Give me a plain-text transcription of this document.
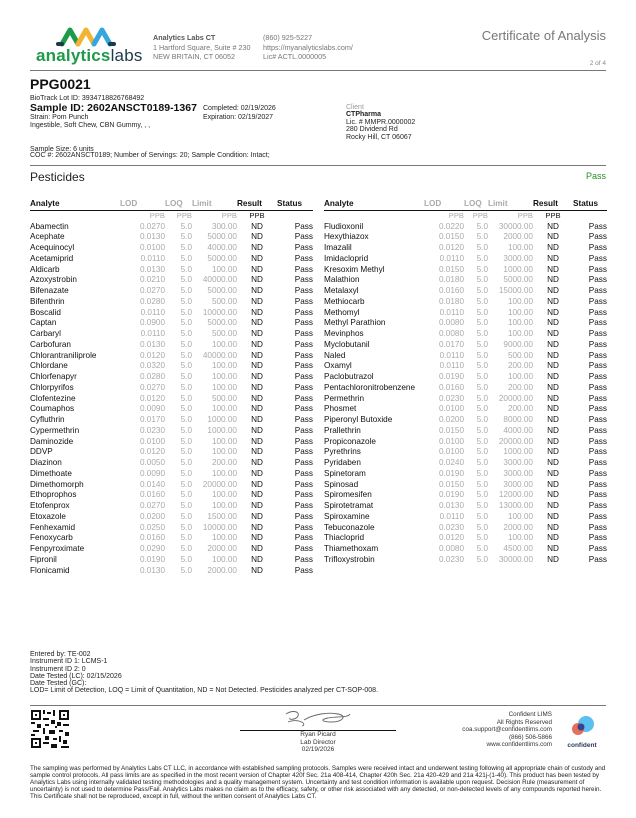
analyticslabs
Analytics Labs CT
1 Hartford Square, Suite # 230
NEW BRITAIN, CT 06052
(860) 925-5227
https://myanalyticslabs.com/
Lic# ACTL.0000005
Certificate of Analysis
2 of 4
PPG0021
BioTrack Lot ID: 3934718826768492
Sample ID: 2602ANSCT0189-1367
Strain: Pom Punch
Ingestible, Soft Chew, CBN Gummy, , ,
Completed: 02/19/2026
Expiration: 02/19/2027
Sample Size: 6 units
COC #: 2602ANSCT0189; Number of Servings: 20; Sample Condition: Intact;
Client
CTPharma
Lic. # MMPR.0000002
280 Dividend Rd
Rocky Hill, CT 06067
Pesticides	Pass
Analyte	LOD	LOQ	Limit	Result	Status
	PPB	PPB	PPB	PPB	
Abamectin	0.0270	5.0	300.00	ND	Pass
Acephate	0.0130	5.0	5000.00	ND	Pass
Acequinocyl	0.0100	5.0	4000.00	ND	Pass
Acetamiprid	0.0110	5.0	5000.00	ND	Pass
Aldicarb	0.0130	5.0	100.00	ND	Pass
Azoxystrobin	0.0210	5.0	40000.00	ND	Pass
Bifenazate	0.0270	5.0	5000.00	ND	Pass
Bifenthrin	0.0280	5.0	500.00	ND	Pass
Boscalid	0.0110	5.0	10000.00	ND	Pass
Captan	0.0900	5.0	5000.00	ND	Pass
Carbaryl	0.0110	5.0	500.00	ND	Pass
Carbofuran	0.0130	5.0	100.00	ND	Pass
Chlorantraniliprole	0.0120	5.0	40000.00	ND	Pass
Chlordane	0.0320	5.0	100.00	ND	Pass
Chlorfenapyr	0.0280	5.0	100.00	ND	Pass
Chlorpyrifos	0.0270	5.0	100.00	ND	Pass
Clofentezine	0.0120	5.0	500.00	ND	Pass
Coumaphos	0.0090	5.0	100.00	ND	Pass
Cyfluthrin	0.0170	5.0	1000.00	ND	Pass
Cypermethrin	0.0230	5.0	1000.00	ND	Pass
Daminozide	0.0100	5.0	100.00	ND	Pass
DDVP	0.0120	5.0	100.00	ND	Pass
Diazinon	0.0050	5.0	200.00	ND	Pass
Dimethoate	0.0090	5.0	100.00	ND	Pass
Dimethomorph	0.0140	5.0	20000.00	ND	Pass
Ethoprophos	0.0160	5.0	100.00	ND	Pass
Etofenprox	0.0270	5.0	100.00	ND	Pass
Etoxazole	0.0200	5.0	1500.00	ND	Pass
Fenhexamid	0.0250	5.0	10000.00	ND	Pass
Fenoxycarb	0.0160	5.0	100.00	ND	Pass
Fenpyroximate	0.0290	5.0	2000.00	ND	Pass
Fipronil	0.0190	5.0	100.00	ND	Pass
Flonicamid	0.0130	5.0	2000.00	ND	Pass
Analyte	LOD	LOQ	Limit	Result	Status
	PPB	PPB	PPB	PPB	
Fludioxonil	0.0220	5.0	30000.00	ND	Pass
Hexythiazox	0.0150	5.0	2000.00	ND	Pass
Imazalil	0.0120	5.0	100.00	ND	Pass
Imidacloprid	0.0110	5.0	3000.00	ND	Pass
Kresoxim Methyl	0.0150	5.0	1000.00	ND	Pass
Malathion	0.0180	5.0	5000.00	ND	Pass
Metalaxyl	0.0160	5.0	15000.00	ND	Pass
Methiocarb	0.0180	5.0	100.00	ND	Pass
Methomyl	0.0110	5.0	100.00	ND	Pass
Methyl Parathion	0.0080	5.0	100.00	ND	Pass
Mevinphos	0.0080	5.0	100.00	ND	Pass
Myclobutanil	0.0170	5.0	9000.00	ND	Pass
Naled	0.0110	5.0	500.00	ND	Pass
Oxamyl	0.0110	5.0	200.00	ND	Pass
Paclobutrazol	0.0190	5.0	100.00	ND	Pass
Pentachloronitrobenzene	0.0160	5.0	200.00	ND	Pass
Permethrin	0.0230	5.0	20000.00	ND	Pass
Phosmet	0.0100	5.0	200.00	ND	Pass
Piperonyl Butoxide	0.0200	5.0	8000.00	ND	Pass
Prallethrin	0.0150	5.0	4000.00	ND	Pass
Propiconazole	0.0100	5.0	20000.00	ND	Pass
Pyrethrins	0.0100	5.0	1000.00	ND	Pass
Pyridaben	0.0240	5.0	3000.00	ND	Pass
Spinetoram	0.0190	5.0	3000.00	ND	Pass
Spinosad	0.0150	5.0	3000.00	ND	Pass
Spiromesifen	0.0190	5.0	12000.00	ND	Pass
Spirotetramat	0.0130	5.0	13000.00	ND	Pass
Spiroxamine	0.0110	5.0	100.00	ND	Pass
Tebuconazole	0.0230	5.0	2000.00	ND	Pass
Thiacloprid	0.0120	5.0	100.00	ND	Pass
Thiamethoxam	0.0080	5.0	4500.00	ND	Pass
Trifloxystrobin	0.0230	5.0	30000.00	ND	Pass
Entered by: TE-002
Instrument ID 1: LCMS-1
Instrument ID 2: 0
Date Tested (LC): 02/15/2026
Date Tested (GC):
LOD= Limit of Detection, LOQ = Limit of Quantitation, ND = Not Detected. Pesticides analyzed per CT-SOP-008.
Ryan Picard
Lab Director
02/19/2026
Confident LIMS
All Rights Reserved
coa.support@confidentlims.com
(866) 506-5866
www.confidentlims.com	confident
The sampling was performed by Analytics Labs CT LLC, in accordance with established sampling protocols. Samples were received intact and underwent testing following all appropriate chain of custody and sample control protocols. All pass limits are as specified in the most recent version of Chapter 420f Sec. 21a 408-414, Chapter 420h Sec. 21a 420-429 and 21a 421j-(1-40). This product has been tested by Analytics Labs using internally validated testing methodologies and a quality management system. Uncertainty and test condition information is available upon request. Decision Rule (measurement of uncertainty) is not used to determine Pass/Fail. Analytics Labs makes no claim as to the efficacy, safety, or other risk associated with any detected, or non-detected levels of any compounds reported herein. This Certificate shall not be reproduced, except in full, without the written consent of Analytics Labs CT.
